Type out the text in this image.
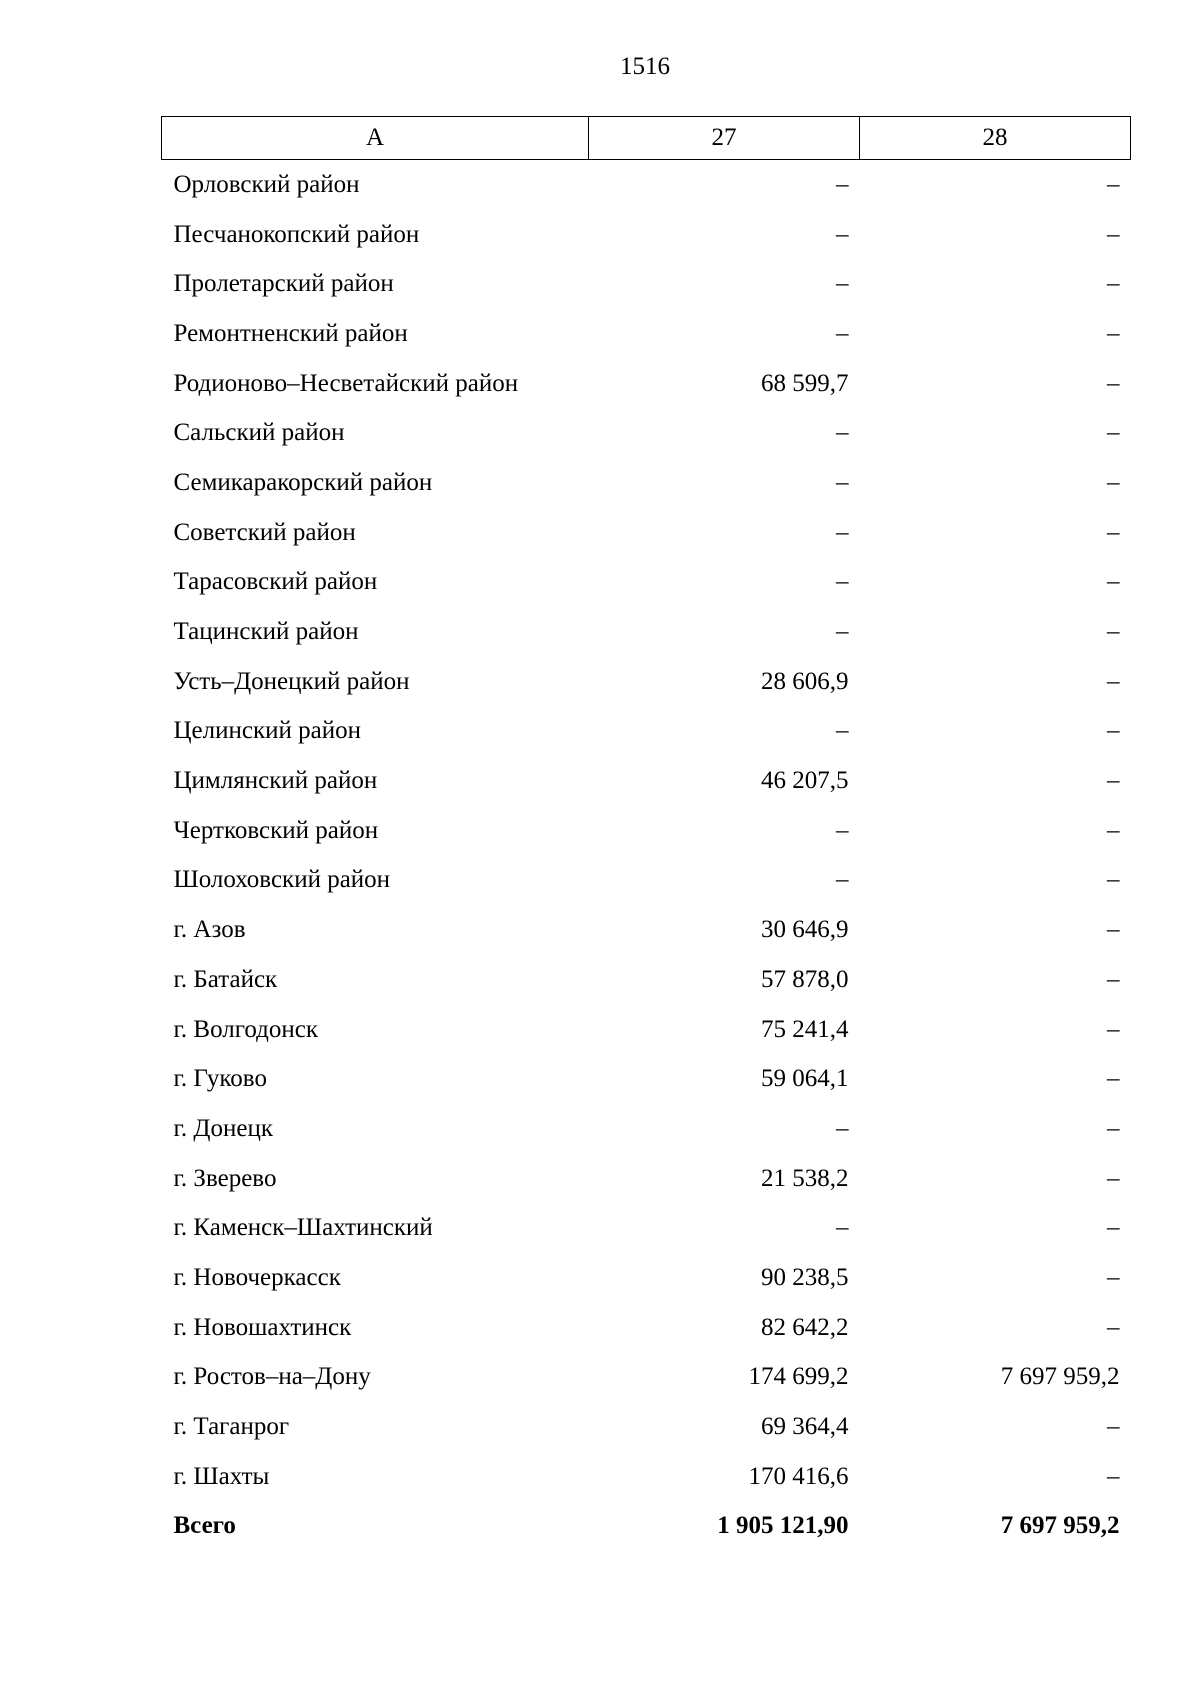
1516
А	27	28
Орловский район	–	–
Песчанокопский район	–	–
Пролетарский район	–	–
Ремонтненский район	–	–
Родионово–Несветайский район	68 599,7	–
Сальский район	–	–
Семикаракорский район	–	–
Советский район	–	–
Тарасовский район	–	–
Тацинский район	–	–
Усть–Донецкий район	28 606,9	–
Целинский район	–	–
Цимлянский район	46 207,5	–
Чертковский район	–	–
Шолоховский район	–	–
г. Азов	30 646,9	–
г. Батайск	57 878,0	–
г. Волгодонск	75 241,4	–
г. Гуково	59 064,1	–
г. Донецк	–	–
г. Зверево	21 538,2	–
г. Каменск–Шахтинский	–	–
г. Новочеркасск	90 238,5	–
г. Новошахтинск	82 642,2	–
г. Ростов–на–Дону	174 699,2	7 697 959,2
г. Таганрог	69 364,4	–
г. Шахты	170 416,6	–
Всего	1 905 121,90	7 697 959,2
